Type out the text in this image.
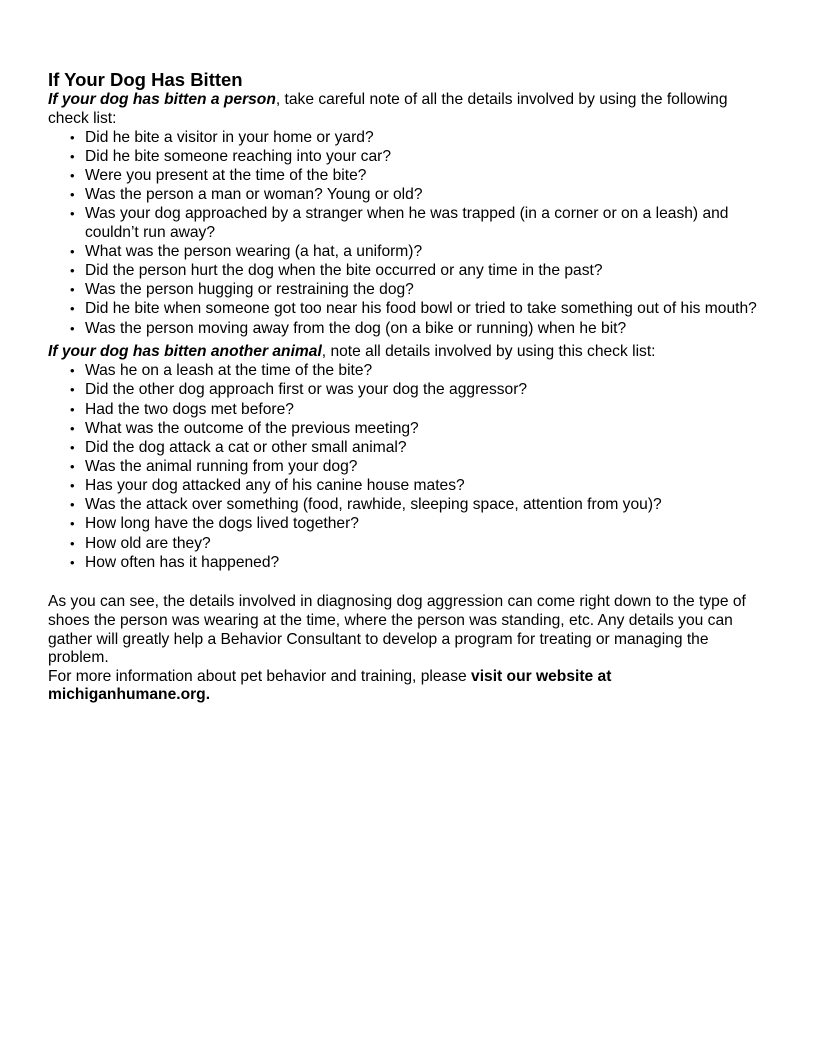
If Your Dog Has Bitten

If your dog has bitten a person, take careful note of all the details involved by using the following check list:

• Did he bite a visitor in your home or yard?
• Did he bite someone reaching into your car?
• Were you present at the time of the bite?
• Was the person a man or woman? Young or old?
• Was your dog approached by a stranger when he was trapped (in a corner or on a leash) and couldn’t run away?
• What was the person wearing (a hat, a uniform)?
• Did the person hurt the dog when the bite occurred or any time in the past?
• Was the person hugging or restraining the dog?
• Did he bite when someone got too near his food bowl or tried to take something out of his mouth?
• Was the person moving away from the dog (on a bike or running) when he bit?

If your dog has bitten another animal, note all details involved by using this check list:

• Was he on a leash at the time of the bite?
• Did the other dog approach first or was your dog the aggressor?
• Had the two dogs met before?
• What was the outcome of the previous meeting?
• Did the dog attack a cat or other small animal?
• Was the animal running from your dog?
• Has your dog attacked any of his canine house mates?
• Was the attack over something (food, rawhide, sleeping space, attention from you)?
• How long have the dogs lived together?
• How old are they?
• How often has it happened?

As you can see, the details involved in diagnosing dog aggression can come right down to the type of shoes the person was wearing at the time, where the person was standing, etc. Any details you can gather will greatly help a Behavior Consultant to develop a program for treating or managing the problem.

For more information about pet behavior and training, please visit our website at michiganhumane.org.
